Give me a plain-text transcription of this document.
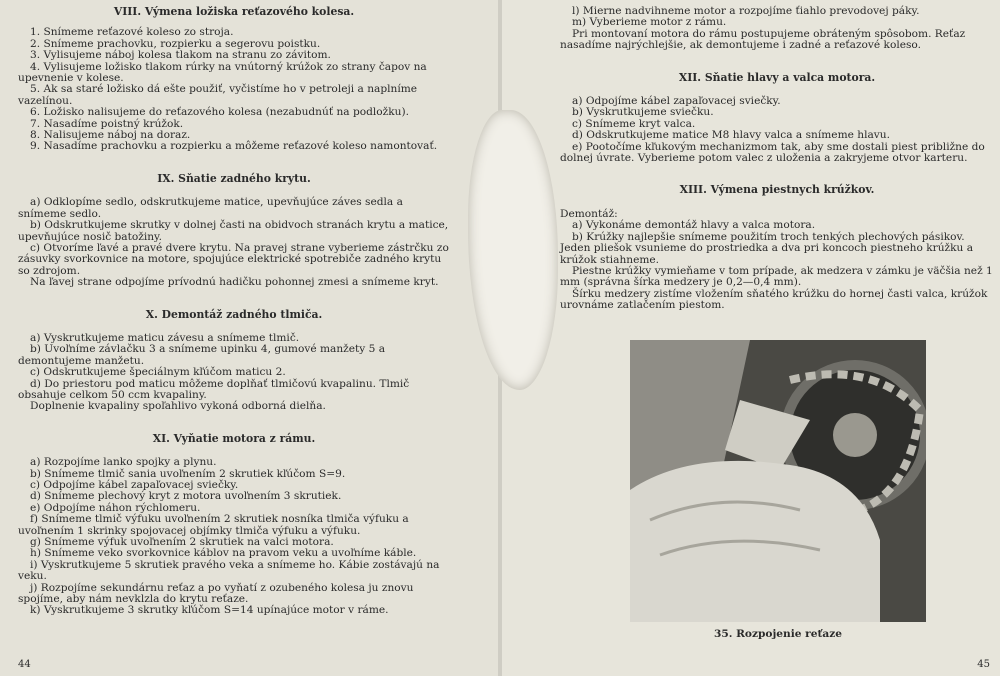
VIII. Výmena ložiska reťazového kolesa.

1. Snímeme reťazové koleso zo stroja.

2. Snímeme prachovku, rozpierku a segerovu poistku.

3. Vylisujeme náboj kolesa tlakom na stranu zo závitom.

4. Vylisujeme ložisko tlakom rúrky na vnútorný krúžok zo strany čapov na upevnenie v kolese.

5. Ak sa staré ložisko dá ešte použiť, vyčistíme ho v petroleji a naplníme vazelínou.

6. Ložisko nalisujeme do reťazového kolesa (nezabudnúť na podložku).

7. Nasadíme poistný krúžok.

8. Nalisujeme náboj na doraz.

9. Nasadíme prachovku a rozpierku a môžeme reťazové koleso namontovať.

IX. Sňatie zadného krytu.

a) Odklopíme sedlo, odskrutkujeme matice, upevňujúce záves sedla a snímeme sedlo.

b) Odskrutkujeme skrutky v dolnej časti na obidvoch stranách krytu a matice, upevňujúce nosič batožiny.

c) Otvoríme ľavé a pravé dvere krytu. Na pravej strane vyberieme zástrčku zo zásuvky svorkovnice na motore, spojujúce elektrické spotrebiče zadného krytu so zdrojom.

Na ľavej strane odpojíme prívodnú hadičku pohonnej zmesi a snímeme kryt.

X. Demontáž zadného tlmiča.

a) Vyskrutkujeme maticu závesu a snímeme tlmič.

b) Uvoľníme závlačku 3 a snímeme upinku 4, gumové manžety 5 a demontujeme manžetu.

c) Odskrutkujeme špeciálnym kľúčom maticu 2.

d) Do priestoru pod maticu môžeme doplňať tlmičovú kvapalinu. Tlmič obsahuje celkom 50 ccm kvapaliny.

Doplnenie kvapaliny spoľahlivo vykoná odborná dielňa.

XI. Vyňatie motora z rámu.

a) Rozpojíme lanko spojky a plynu.

b) Snímeme tlmič sania uvoľnením 2 skrutiek kľúčom S=9.

c) Odpojíme kábel zapaľovacej sviečky.

d) Snímeme plechový kryt z motora uvoľnením 3 skrutiek.

e) Odpojíme náhon rýchlomeru.

f) Snímeme tlmič výfuku uvoľnením 2 skrutiek nosníka tlmiča výfuku a uvoľnením 1 skrinky spojovacej objímky tlmiča výfuku a výfuku.

g) Snímeme výfuk uvoľnením 2 skrutiek na valci motora.

h) Snímeme veko svorkovnice káblov na pravom veku a uvoľníme káble.

i) Vyskrutkujeme 5 skrutiek pravého veka a snímeme ho. Kábie zostávajú na veku.

j) Rozpojíme sekundárnu reťaz a po vyňatí z ozubeného kolesa ju znovu spojíme, aby nám nevklzla do krytu reťaze.

k) Vyskrutkujeme 3 skrutky kľúčom S=14 upínajúce motor v ráme.

44

l) Mierne nadvihneme motor a rozpojíme ťiahlo prevodovej páky.

m) Vyberieme motor z rámu.

Pri montovaní motora do rámu postupujeme obráteným spôsobom. Reťaz nasadíme najrýchlejšie, ak demontujeme i zadné a reťazové koleso.

XII. Sňatie hlavy a valca motora.

a) Odpojíme kábel zapaľovacej sviečky.

b) Vyskrutkujeme sviečku.

c) Snímeme kryt valca.

d) Odskrutkujeme matice M8 hlavy valca a snímeme hlavu.

e) Pootočíme kľukovým mechanizmom tak, aby sme dostali piest približne do dolnej úvrate. Vyberieme potom valec z uloženia a zakryjeme otvor karteru.

XIII. Výmena piestnych krúžkov.

Demontáž:

a) Vykonáme demontáž hlavy a valca motora.

b) Krúžky najlepšie snímeme použitím troch tenkých plechových pásikov. Jeden pliešok vsunieme do prostriedka a dva pri koncoch piestneho krúžku a krúžok stiahneme.

Piestne krúžky vymieňame v tom prípade, ak medzera v zámku je väčšia než 1 mm (správna šírka medzery je 0,2—0,4 mm).

Šírku medzery zistíme vložením sňatého krúžku do hornej časti valca, krúžok urovnáme zatlačením piestom.

35. Rozpojenie reťaze
45
